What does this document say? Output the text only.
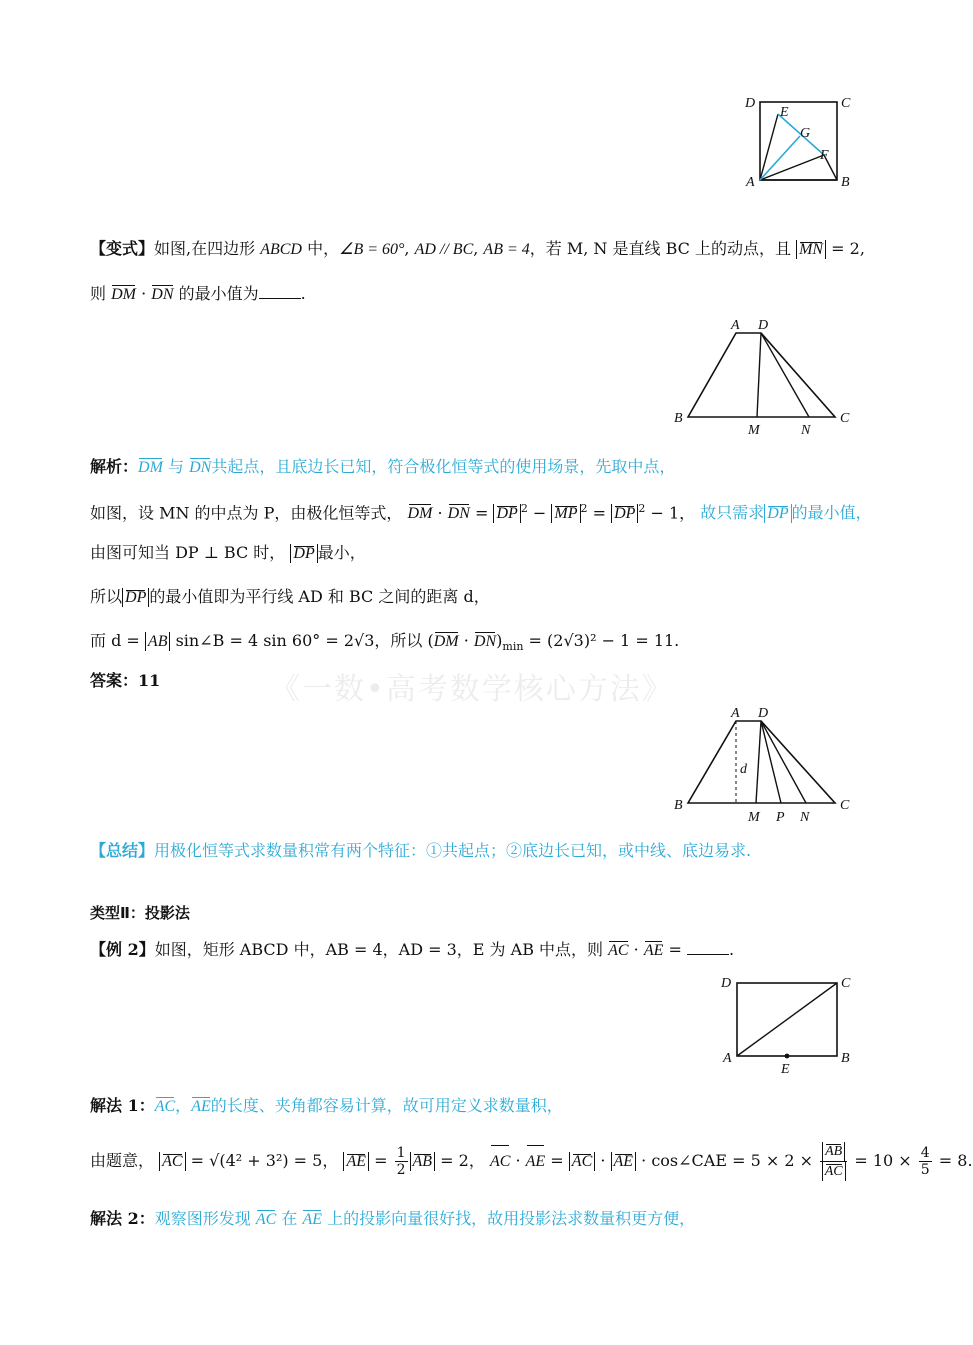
《一数•高考数学核心方法》
D	C
E
G
F
A	B
【变式】如图,在四边形 ABCD 中，∠B = 60°, AD // BC, AB = 4，若 M, N 是直线 BC 上的动点，且 MN = 2,
则 DM · DN 的最小值为	.
A D
B	C
M	N
解析：DM 与 DN共起点，且底边长已知，符合极化恒等式的使用场景，先取中点，
如图，设 MN 的中点为 P，由极化恒等式， DM · DN = DP $^2$ − MP $^2$ = DP $^2$ − 1， 故只需求 DP 的最小值，
由图可知当 DP ⊥ BC 时， DP 最小，
所以 DP 的最小值即为平行线 AD 和 BC 之间的距离 d，
而 d = AB sin∠B = 4 sin 60° = 2√3，所以 $(DM \cdot DN)_{min} = (2√3)^2 - 1 = 11$.
答案：11
A D
d
B	C
M P N
【总结】用极化恒等式求数量积常有两个特征：①共起点；②底边长已知，或中线、底边易求.
类型Ⅱ：投影法
【例 2】如图，矩形 ABCD 中，AB = 4，AD = 3，E 为 AB 中点，则 AC · AE =	.
D	C
A	B
E
解法 1：AC，AE的长度、夹角都容易计算，故可用定义求数量积，
由题意， AC = √(4² + 3²) = 5， AE = $\frac{1}{2}$ AB = 2， AC · AE = AC · AE · cos∠CAE = $5 \times 2 \times \frac{AB}{AC} = 10 \times \frac{4}{5} = 8$.
解法 2：观察图形发现 AC 在 AE 上的投影向量很好找，故用投影法求数量积更方便，
